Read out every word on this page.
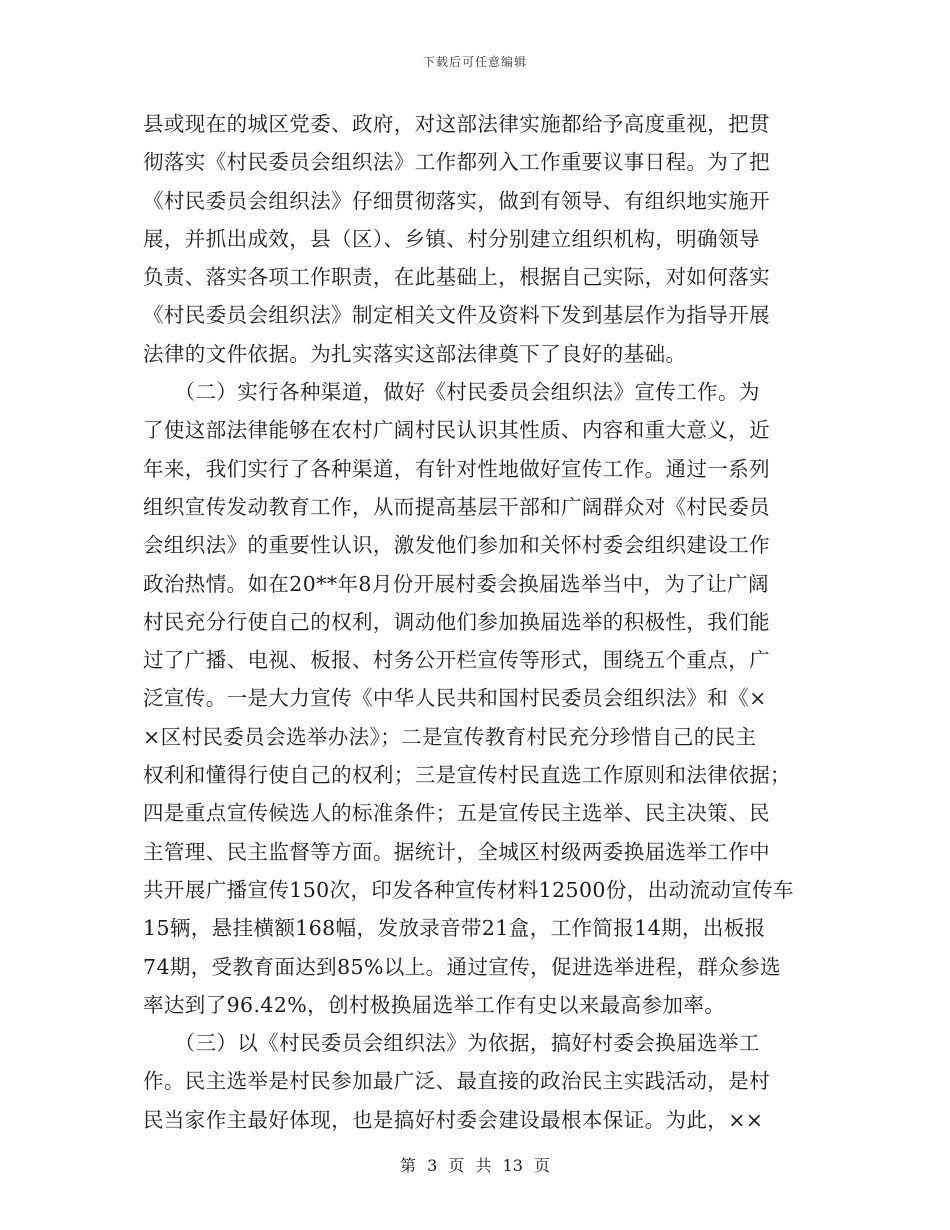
下载后可任意编辑
县或现在的城区党委、政府，对这部法律实施都给予高度重视，把贯
彻落实《村民委员会组织法》工作都列入工作重要议事日程。为了把
《村民委员会组织法》仔细贯彻落实，做到有领导、有组织地实施开
展，并抓出成效，县（区）、乡镇、村分别建立组织机构，明确领导
负责、落实各项工作职责，在此基础上，根据自己实际，对如何落实
《村民委员会组织法》制定相关文件及资料下发到基层作为指导开展
法律的文件依据。为扎实落实这部法律奠下了良好的基础。
　　（二）实行各种渠道，做好《村民委员会组织法》宣传工作。为
了使这部法律能够在农村广阔村民认识其性质、内容和重大意义，近
年来，我们实行了各种渠道，有针对性地做好宣传工作。通过一系列
组织宣传发动教育工作，从而提高基层干部和广阔群众对《村民委员
会组织法》的重要性认识，激发他们参加和关怀村委会组织建设工作
政治热情。如在20**年8月份开展村委会换届选举当中，为了让广阔
村民充分行使自己的权利，调动他们参加换届选举的积极性，我们能
过了广播、电视、板报、村务公开栏宣传等形式，围绕五个重点，广
泛宣传。一是大力宣传《中华人民共和国村民委员会组织法》和《×
×区村民委员会选举办法》；二是宣传教育村民充分珍惜自己的民主
权利和懂得行使自己的权利；三是宣传村民直选工作原则和法律依据；
四是重点宣传候选人的标准条件；五是宣传民主选举、民主决策、民
主管理、民主监督等方面。据统计，全城区村级两委换届选举工作中
共开展广播宣传150次，印发各种宣传材料12500份，出动流动宣传车
15辆，悬挂横额168幅，发放录音带21盒，工作简报14期，出板报
74期，受教育面达到85%以上。通过宣传，促进选举进程，群众参选
率达到了96.42%，创村极换届选举工作有史以来最高参加率。
　　（三）以《村民委员会组织法》为依据，搞好村委会换届选举工
作。民主选举是村民参加最广泛、最直接的政治民主实践活动，是村
民当家作主最好体现，也是搞好村委会建设最根本保证。为此，××
第 3 页 共 13 页
